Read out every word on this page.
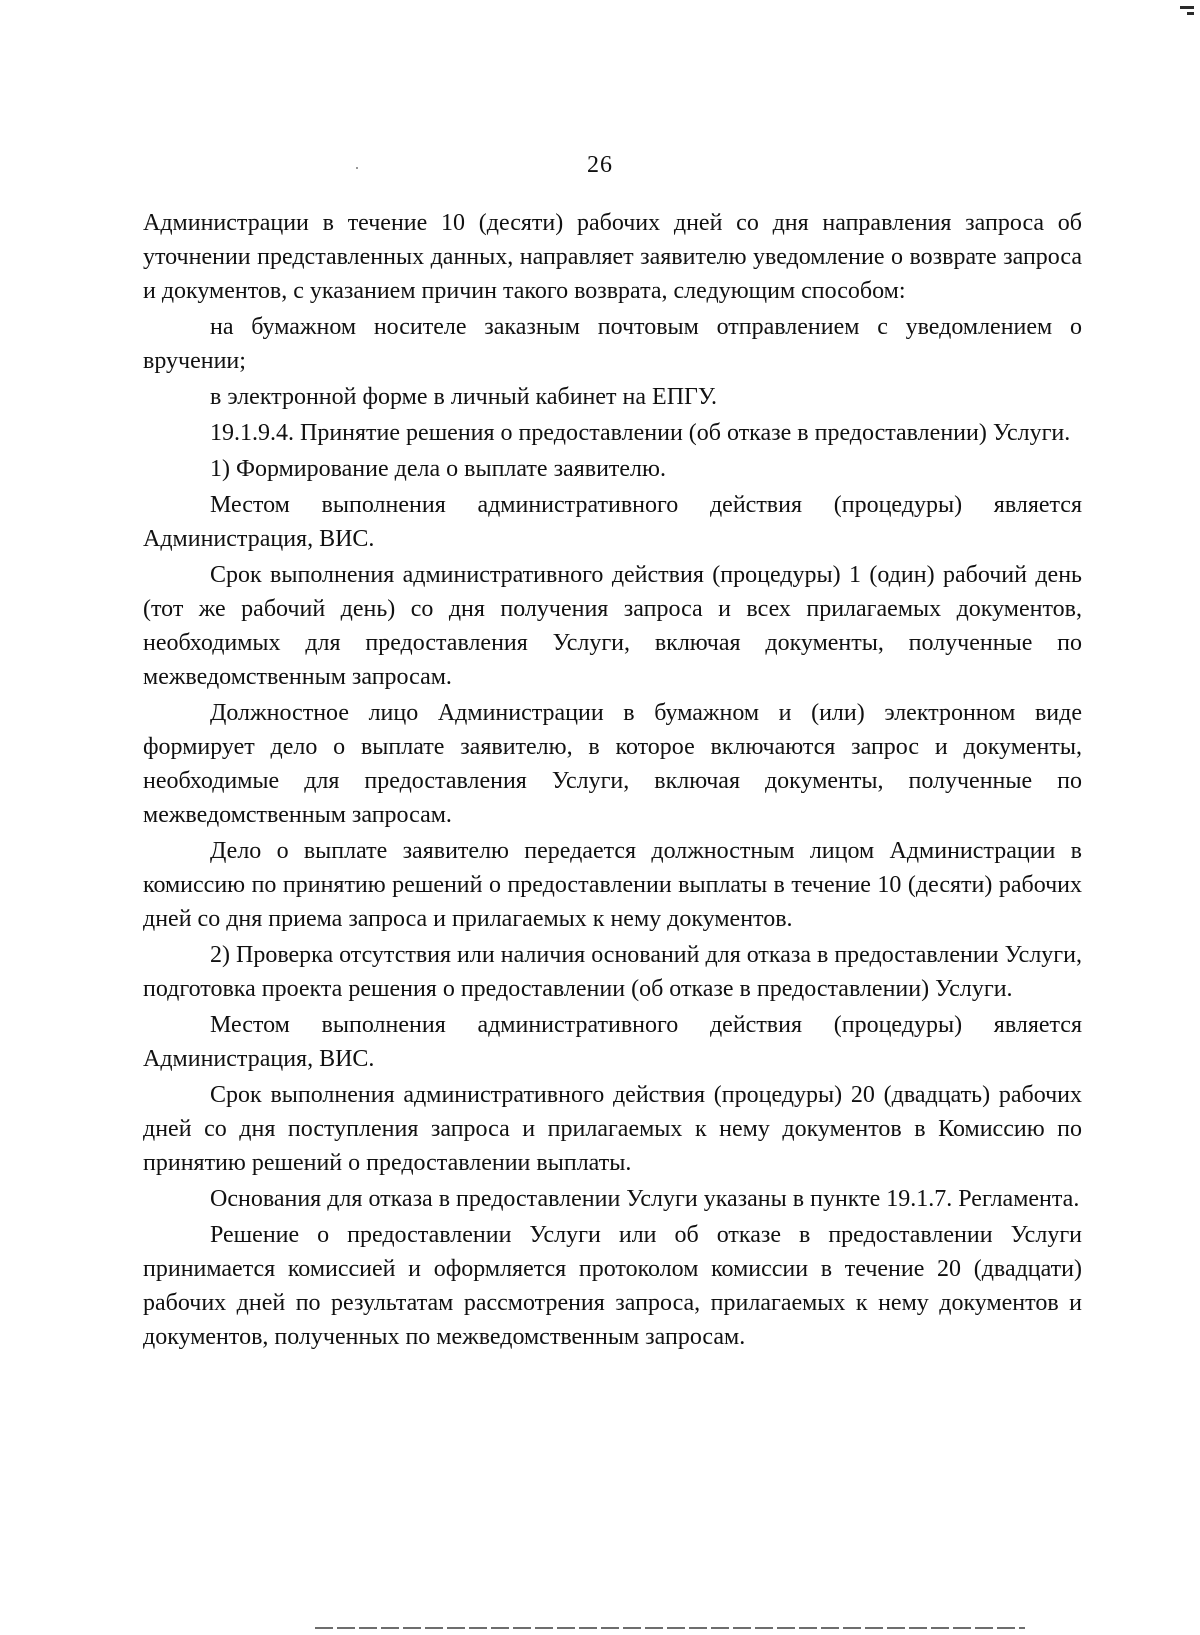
26

Администрации в течение 10 (десяти) рабочих дней со дня направления запроса об уточнении представленных данных, направляет заявителю уведомление о возврате запроса и документов, с указанием причин такого возврата, следующим способом:

на бумажном носителе заказным почтовым отправлением с уведомлением о вручении;

в электронной форме в личный кабинет на ЕПГУ.

19.1.9.4. Принятие решения о предоставлении (об отказе в предоставлении) Услуги.

1) Формирование дела о выплате заявителю.

Местом выполнения административного действия (процедуры) является Администрация, ВИС.

Срок выполнения административного действия (процедуры) 1 (один) рабочий день (тот же рабочий день) со дня получения запроса и всех прилагаемых документов, необходимых для предоставления Услуги, включая документы, полученные по межведомственным запросам.

Должностное лицо Администрации в бумажном и (или) электронном виде формирует дело о выплате заявителю, в которое включаются запрос и документы, необходимые для предоставления Услуги, включая документы, полученные по межведомственным запросам.

Дело о выплате заявителю передается должностным лицом Администрации в комиссию по принятию решений о предоставлении выплаты в течение 10 (десяти) рабочих дней со дня приема запроса и прилагаемых к нему документов.

2) Проверка отсутствия или наличия оснований для отказа в предоставлении Услуги, подготовка проекта решения о предоставлении (об отказе в предоставлении) Услуги.

Местом выполнения административного действия (процедуры) является Администрация, ВИС.

Срок выполнения административного действия (процедуры) 20 (двадцать) рабочих дней со дня поступления запроса и прилагаемых к нему документов в Комиссию по принятию решений о предоставлении выплаты.

Основания для отказа в предоставлении Услуги указаны в пункте 19.1.7. Регламента.

Решение о предоставлении Услуги или об отказе в предоставлении Услуги принимается комиссией и оформляется протоколом комиссии в течение 20 (двадцати) рабочих дней по результатам рассмотрения запроса, прилагаемых к нему документов и документов, полученных по межведомственным запросам.
